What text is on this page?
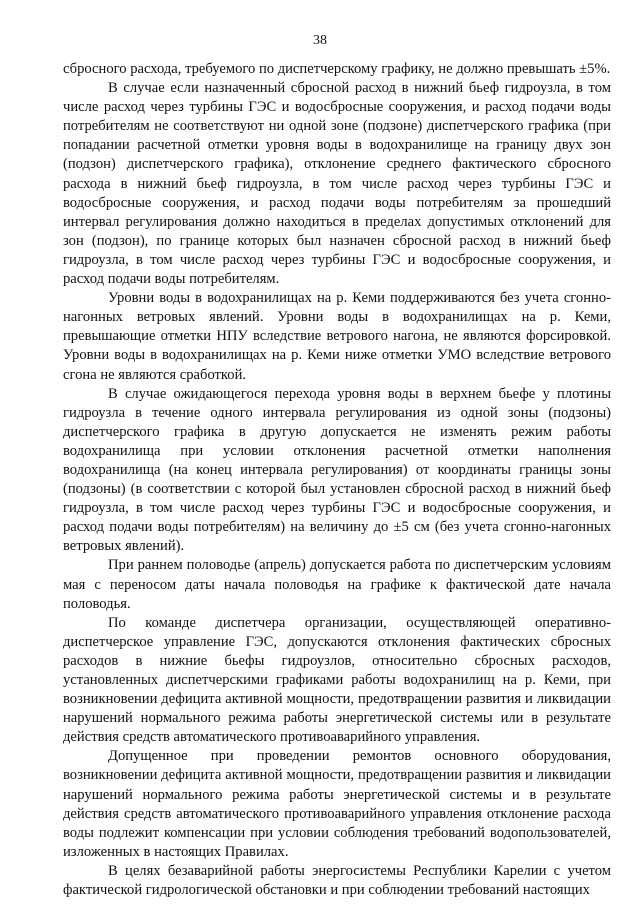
38

сбросного расхода, требуемого по диспетчерскому графику, не должно превышать ±5%.

В случае если назначенный сбросной расход в нижний бьеф гидроузла, в том числе расход через турбины ГЭС и водосбросные сооружения, и расход подачи воды потребителям не соответствуют ни одной зоне (подзоне) диспетчерского графика (при попадании расчетной отметки уровня воды в водохранилище на границу двух зон (подзон) диспетчерского графика), отклонение среднего фактического сбросного расхода в нижний бьеф гидроузла, в том числе расход через турбины ГЭС и водосбросные сооружения, и расход подачи воды потребителям за прошедший интервал регулирования должно находиться в пределах допустимых отклонений для зон (подзон), по границе которых был назначен сбросной расход в нижний бьеф гидроузла, в том числе расход через турбины ГЭС и водосбросные сооружения, и расход подачи воды потребителям.

Уровни воды в водохранилищах на р. Кеми поддерживаются без учета сгонно-нагонных ветровых явлений. Уровни воды в водохранилищах на р. Кеми, превышающие отметки НПУ вследствие ветрового нагона, не являются форсировкой. Уровни воды в водохранилищах на р. Кеми ниже отметки УМО вследствие ветрового сгона не являются сработкой.

В случае ожидающегося перехода уровня воды в верхнем бьефе у плотины гидроузла в течение одного интервала регулирования из одной зоны (подзоны) диспетчерского графика в другую допускается не изменять режим работы водохранилища при условии отклонения расчетной отметки наполнения водохранилища (на конец интервала регулирования) от координаты границы зоны (подзоны) (в соответствии с которой был установлен сбросной расход в нижний бьеф гидроузла, в том числе расход через турбины ГЭС и водосбросные сооружения, и расход подачи воды потребителям) на величину до ±5 см (без учета сгонно-нагонных ветровых явлений).

При раннем половодье (апрель) допускается работа по диспетчерским условиям мая с переносом даты начала половодья на графике к фактической дате начала половодья.

По команде диспетчера организации, осуществляющей оперативно-диспетчерское управление ГЭС, допускаются отклонения фактических сбросных расходов в нижние бьефы гидроузлов, относительно сбросных расходов, установленных диспетчерскими графиками работы водохранилищ на р. Кеми, при возникновении дефицита активной мощности, предотвращении развития и ликвидации нарушений нормального режима работы энергетической системы или в результате действия средств автоматического противоаварийного управления.

Допущенное при проведении ремонтов основного оборудования, возникновении дефицита активной мощности, предотвращении развития и ликвидации нарушений нормального режима работы энергетической системы и в результате действия средств автоматического противоаварийного управления отклонение расхода воды подлежит компенсации при условии соблюдения требований водопользователей, изложенных в настоящих Правилах.

В целях безаварийной работы энергосистемы Республики Карелии с учетом фактической гидрологической обстановки и при соблюдении требований настоящих
